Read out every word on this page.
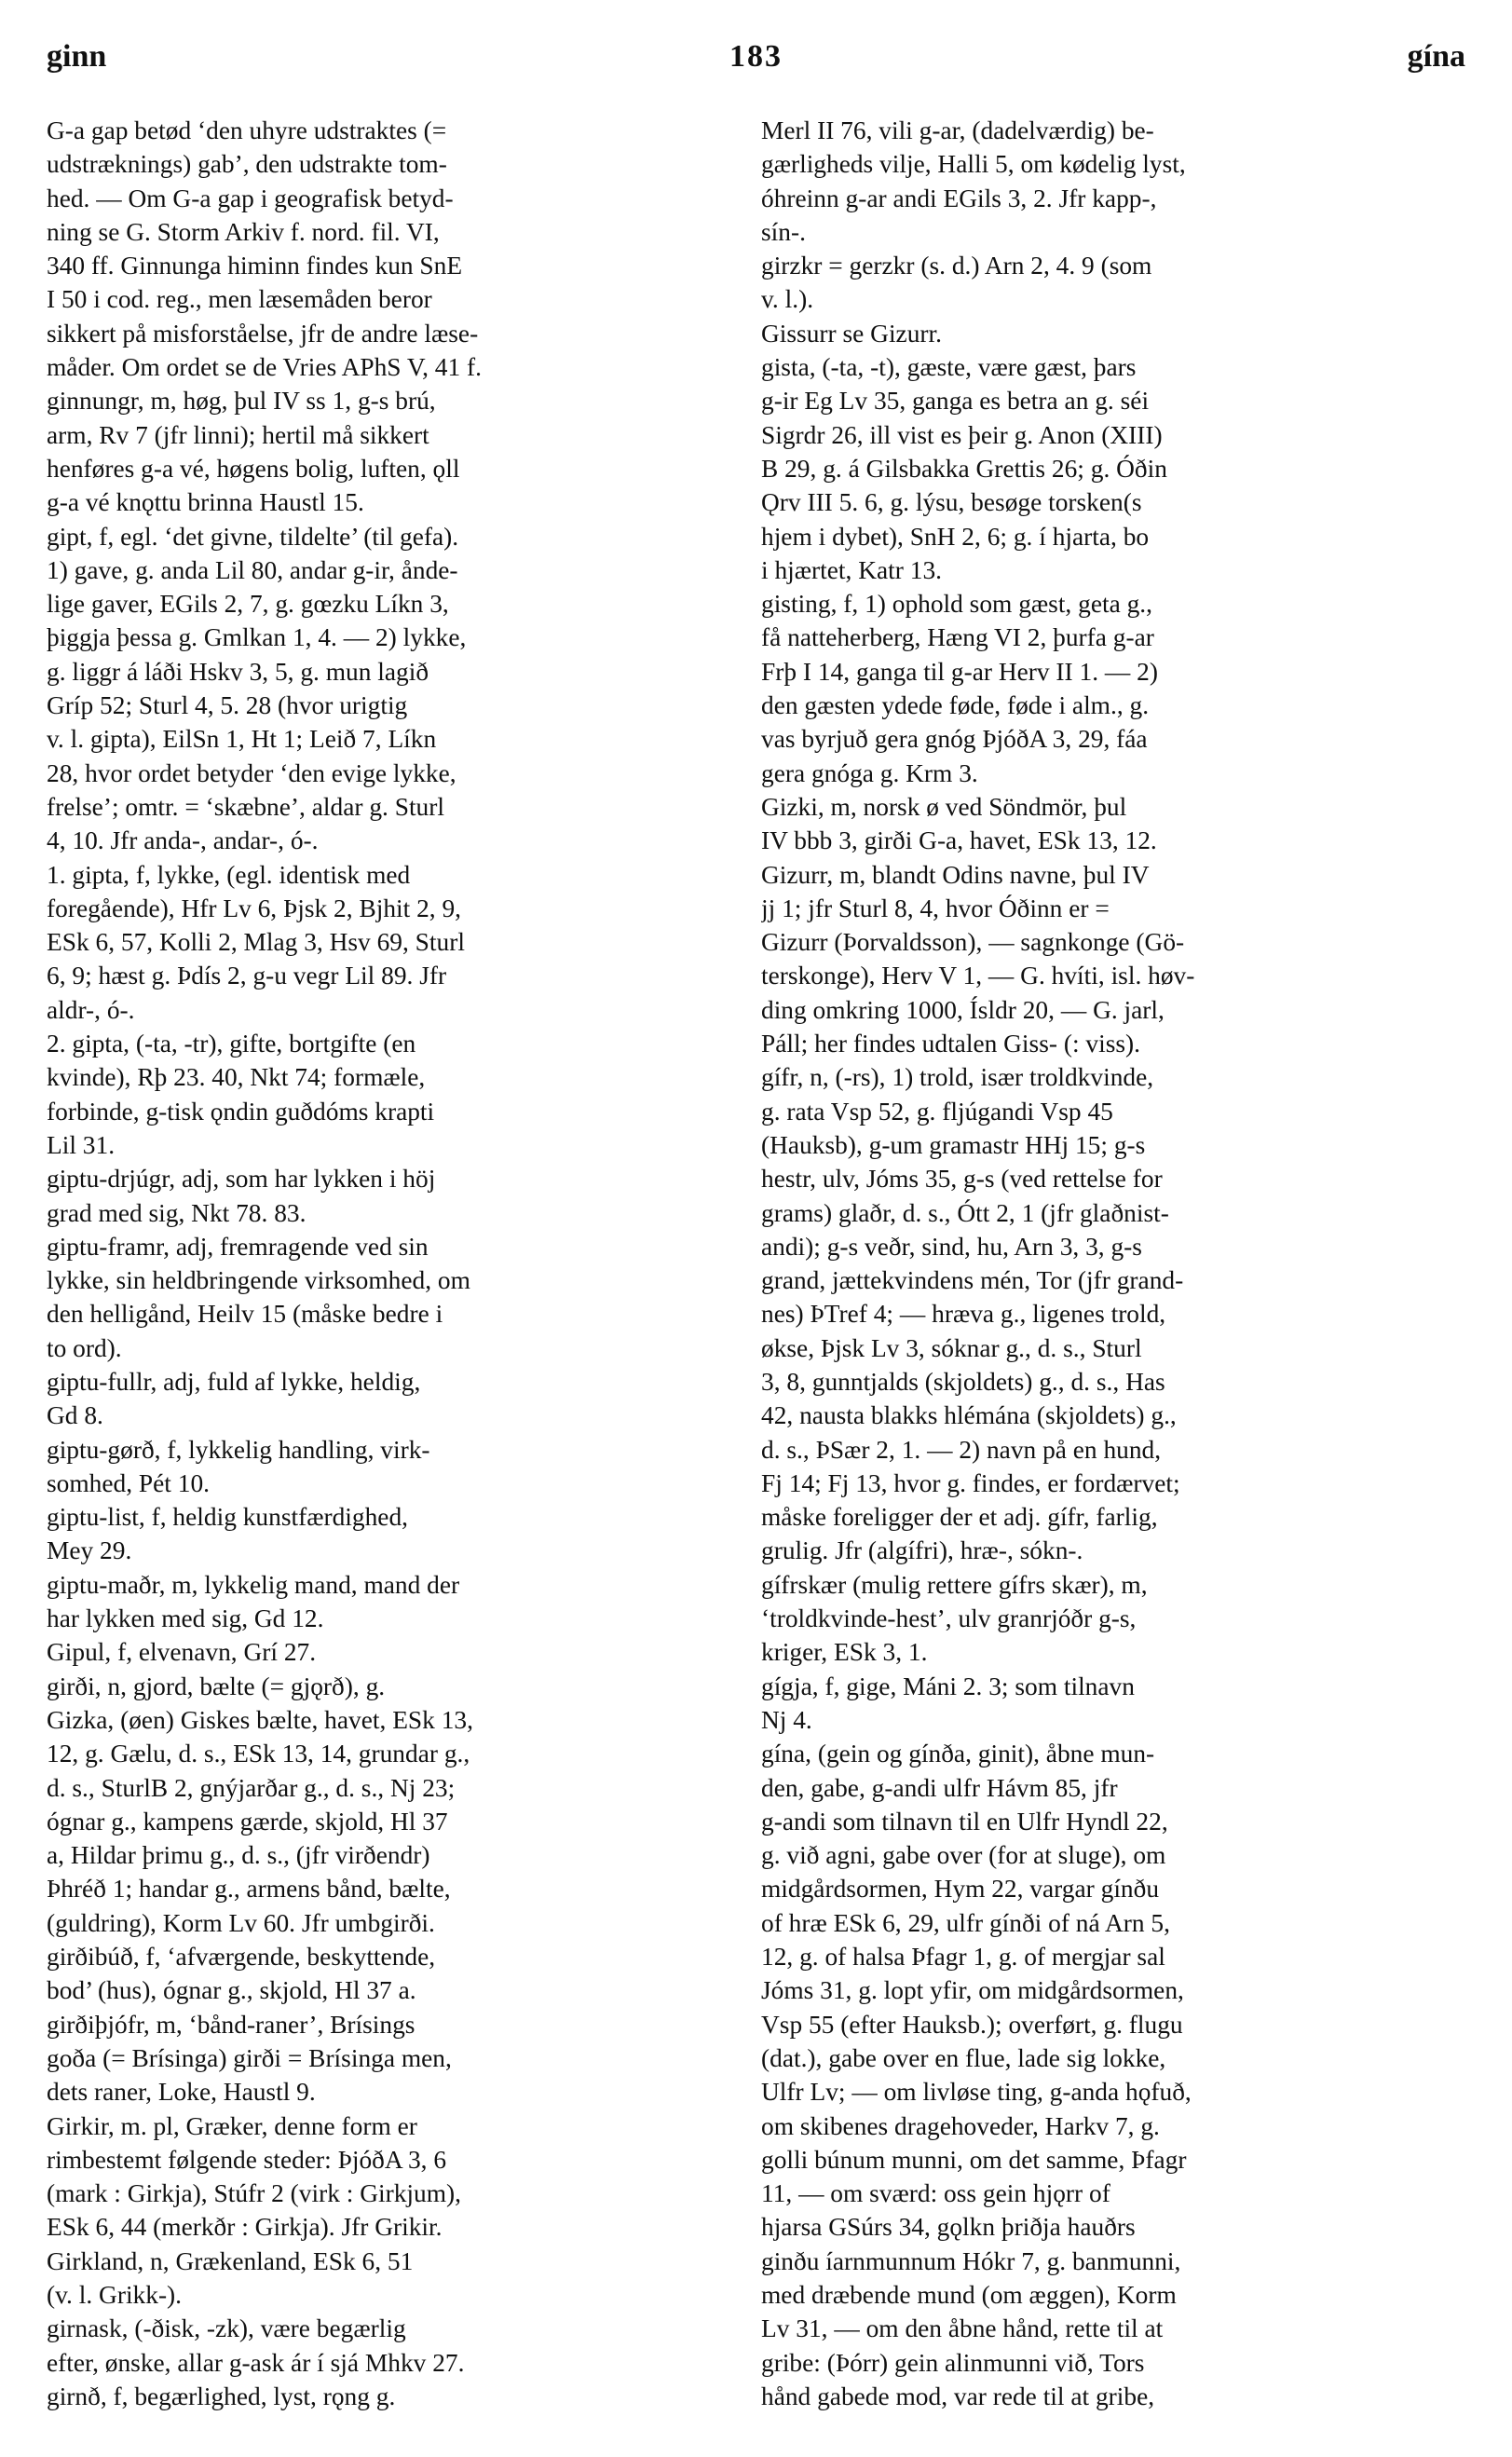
ginn	183	gína
G-a gap betød ‘den uhyre udstraktes (=
udstræknings) gab’, den udstrakte tom-
hed. — Om G-a gap i geografisk betyd-
ning se G. Storm Arkiv f. nord. fil. VI,
340 ff. Ginnunga himinn findes kun SnE
I 50 i cod. reg., men læsemåden beror
sikkert på misforståelse, jfr de andre læse-
måder. Om ordet se de Vries APhS V, 41 f.
ginnungr, m, høg, þul IV ss 1, g-s brú,
arm, Rv 7 (jfr linni); hertil må sikkert
henføres g-a vé, høgens bolig, luften, ǫll
g-a vé knǫttu brinna Haustl 15.
gipt, f, egl. ‘det givne, tildelte’ (til gefa).
1) gave, g. anda Lil 80, andar g-ir, ånde-
lige gaver, EGils 2, 7, g. gœzku Líkn 3,
þiggja þessa g. Gmlkan 1, 4. — 2) lykke,
g. liggr á láði Hskv 3, 5, g. mun lagið
Gríp 52; Sturl 4, 5. 28 (hvor urigtig
v. l. gipta), EilSn 1, Ht 1; Leið 7, Líkn
28, hvor ordet betyder ‘den evige lykke,
frelse’; omtr. = ‘skæbne’, aldar g. Sturl
4, 10. Jfr anda-, andar-, ó-.
1. gipta, f, lykke, (egl. identisk med
foregående), Hfr Lv 6, Þjsk 2, Bjhit 2, 9,
ESk 6, 57, Kolli 2, Mlag 3, Hsv 69, Sturl
6, 9; hæst g. Þdís 2, g-u vegr Lil 89. Jfr
aldr-, ó-.
2. gipta, (-ta, -tr), gifte, bortgifte (en
kvinde), Rþ 23. 40, Nkt 74; formæle,
forbinde, g-tisk ǫndin guðdóms krapti
Lil 31.
giptu-drjúgr, adj, som har lykken i höj
grad med sig, Nkt 78. 83.
giptu-framr, adj, fremragende ved sin
lykke, sin heldbringende virksomhed, om
den helligånd, Heilv 15 (måske bedre i
to ord).
giptu-fullr, adj, fuld af lykke, heldig,
Gd 8.
giptu-gørð, f, lykkelig handling, virk-
somhed, Pét 10.
giptu-list, f, heldig kunstfærdighed,
Mey 29.
giptu-maðr, m, lykkelig mand, mand der
har lykken med sig, Gd 12.
Gipul, f, elvenavn, Grí 27.
girði, n, gjord, bælte (= gjǫrð), g.
Gizka, (øen) Giskes bælte, havet, ESk 13,
12, g. Gælu, d. s., ESk 13, 14, grundar g.,
d. s., SturlB 2, gnýjarðar g., d. s., Nj 23;
ógnar g., kampens gærde, skjold, Hl 37
a, Hildar þrimu g., d. s., (jfr virðendr)
Þhréð 1; handar g., armens bånd, bælte,
(guldring), Korm Lv 60. Jfr umbgirði.
girðibúð, f, ‘afværgende, beskyttende,
bod’ (hus), ógnar g., skjold, Hl 37 a.
girðiþjófr, m, ‘bånd-raner’, Brísings
goða (= Brísinga) girði = Brísinga men,
dets raner, Loke, Haustl 9.
Girkir, m. pl, Græker, denne form er
rimbestemt følgende steder: ÞjóðA 3, 6
(mark : Girkja), Stúfr 2 (virk : Girkjum),
ESk 6, 44 (merkðr : Girkja). Jfr Grikir.
Girkland, n, Grækenland, ESk 6, 51
(v. l. Grikk-).
girnask, (-ðisk, -zk), være begærlig
efter, ønske, allar g-ask ár í sjá Mhkv 27.
girnð, f, begærlighed, lyst, rǫng g.
Merl II 76, vili g-ar, (dadelværdig) be-
gærligheds vilje, Halli 5, om kødelig lyst,
óhreinn g-ar andi EGils 3, 2. Jfr kapp-,
sín-.
girzkr = gerzkr (s. d.) Arn 2, 4. 9 (som
v. l.).
Gissurr se Gizurr.
gista, (-ta, -t), gæste, være gæst, þars
g-ir Eg Lv 35, ganga es betra an g. séi
Sigrdr 26, ill vist es þeir g. Anon (XIII)
B 29, g. á Gilsbakka Grettis 26; g. Óðin
Ǫrv III 5. 6, g. lýsu, besøge torsken(s
hjem i dybet), SnH 2, 6; g. í hjarta, bo
i hjærtet, Katr 13.
gisting, f, 1) ophold som gæst, geta g.,
få natteherberg, Hæng VI 2, þurfa g-ar
Frþ I 14, ganga til g-ar Herv II 1. — 2)
den gæsten ydede føde, føde i alm., g.
vas byrjuð gera gnóg ÞjóðA 3, 29, fáa
gera gnóga g. Krm 3.
Gizki, m, norsk ø ved Söndmör, þul
IV bbb 3, girði G-a, havet, ESk 13, 12.
Gizurr, m, blandt Odins navne, þul IV
jj 1; jfr Sturl 8, 4, hvor Óðinn er =
Gizurr (Þorvaldsson), — sagnkonge (Gö-
terskonge), Herv V 1, — G. hvíti, isl. høv-
ding omkring 1000, Ísldr 20, — G. jarl,
Páll; her findes udtalen Giss- (: viss).
gífr, n, (-rs), 1) trold, især troldkvinde,
g. rata Vsp 52, g. fljúgandi Vsp 45
(Hauksb), g-um gramastr HHj 15; g-s
hestr, ulv, Jóms 35, g-s (ved rettelse for
grams) glaðr, d. s., Ótt 2, 1 (jfr glaðnist-
andi); g-s veðr, sind, hu, Arn 3, 3, g-s
grand, jættekvindens mén, Tor (jfr grand-
nes) ÞTref 4; — hræva g., ligenes trold,
økse, Þjsk Lv 3, sóknar g., d. s., Sturl
3, 8, gunntjalds (skjoldets) g., d. s., Has
42, nausta blakks hlémána (skjoldets) g.,
d. s., ÞSær 2, 1. — 2) navn på en hund,
Fj 14; Fj 13, hvor g. findes, er fordærvet;
måske foreligger der et adj. gífr, farlig,
grulig. Jfr (algífri), hræ-, sókn-.
gífrskær (mulig rettere gífrs skær), m,
‘troldkvinde-hest’, ulv granrjóðr g-s,
kriger, ESk 3, 1.
gígja, f, gige, Máni 2. 3; som tilnavn
Nj 4.
gína, (gein og gínða, ginit), åbne mun-
den, gabe, g-andi ulfr Hávm 85, jfr
g-andi som tilnavn til en Ulfr Hyndl 22,
g. við agni, gabe over (for at sluge), om
midgårdsormen, Hym 22, vargar gínðu
of hræ ESk 6, 29, ulfr gínði of ná Arn 5,
12, g. of halsa Þfagr 1, g. of mergjar sal
Jóms 31, g. lopt yfir, om midgårdsormen,
Vsp 55 (efter Hauksb.); overført, g. flugu
(dat.), gabe over en flue, lade sig lokke,
Ulfr Lv; — om livløse ting, g-anda hǫfuð,
om skibenes dragehoveder, Harkv 7, g.
golli búnum munni, om det samme, Þfagr
11, — om sværd: oss gein hjǫrr of
hjarsa GSúrs 34, gǫlkn þriðja hauðrs
ginðu íarnmunnum Hókr 7, g. banmunni,
med dræbende mund (om æggen), Korm
Lv 31, — om den åbne hånd, rette til at
gribe: (Þórr) gein alinmunni við, Tors
hånd gabede mod, var rede til at gribe,
